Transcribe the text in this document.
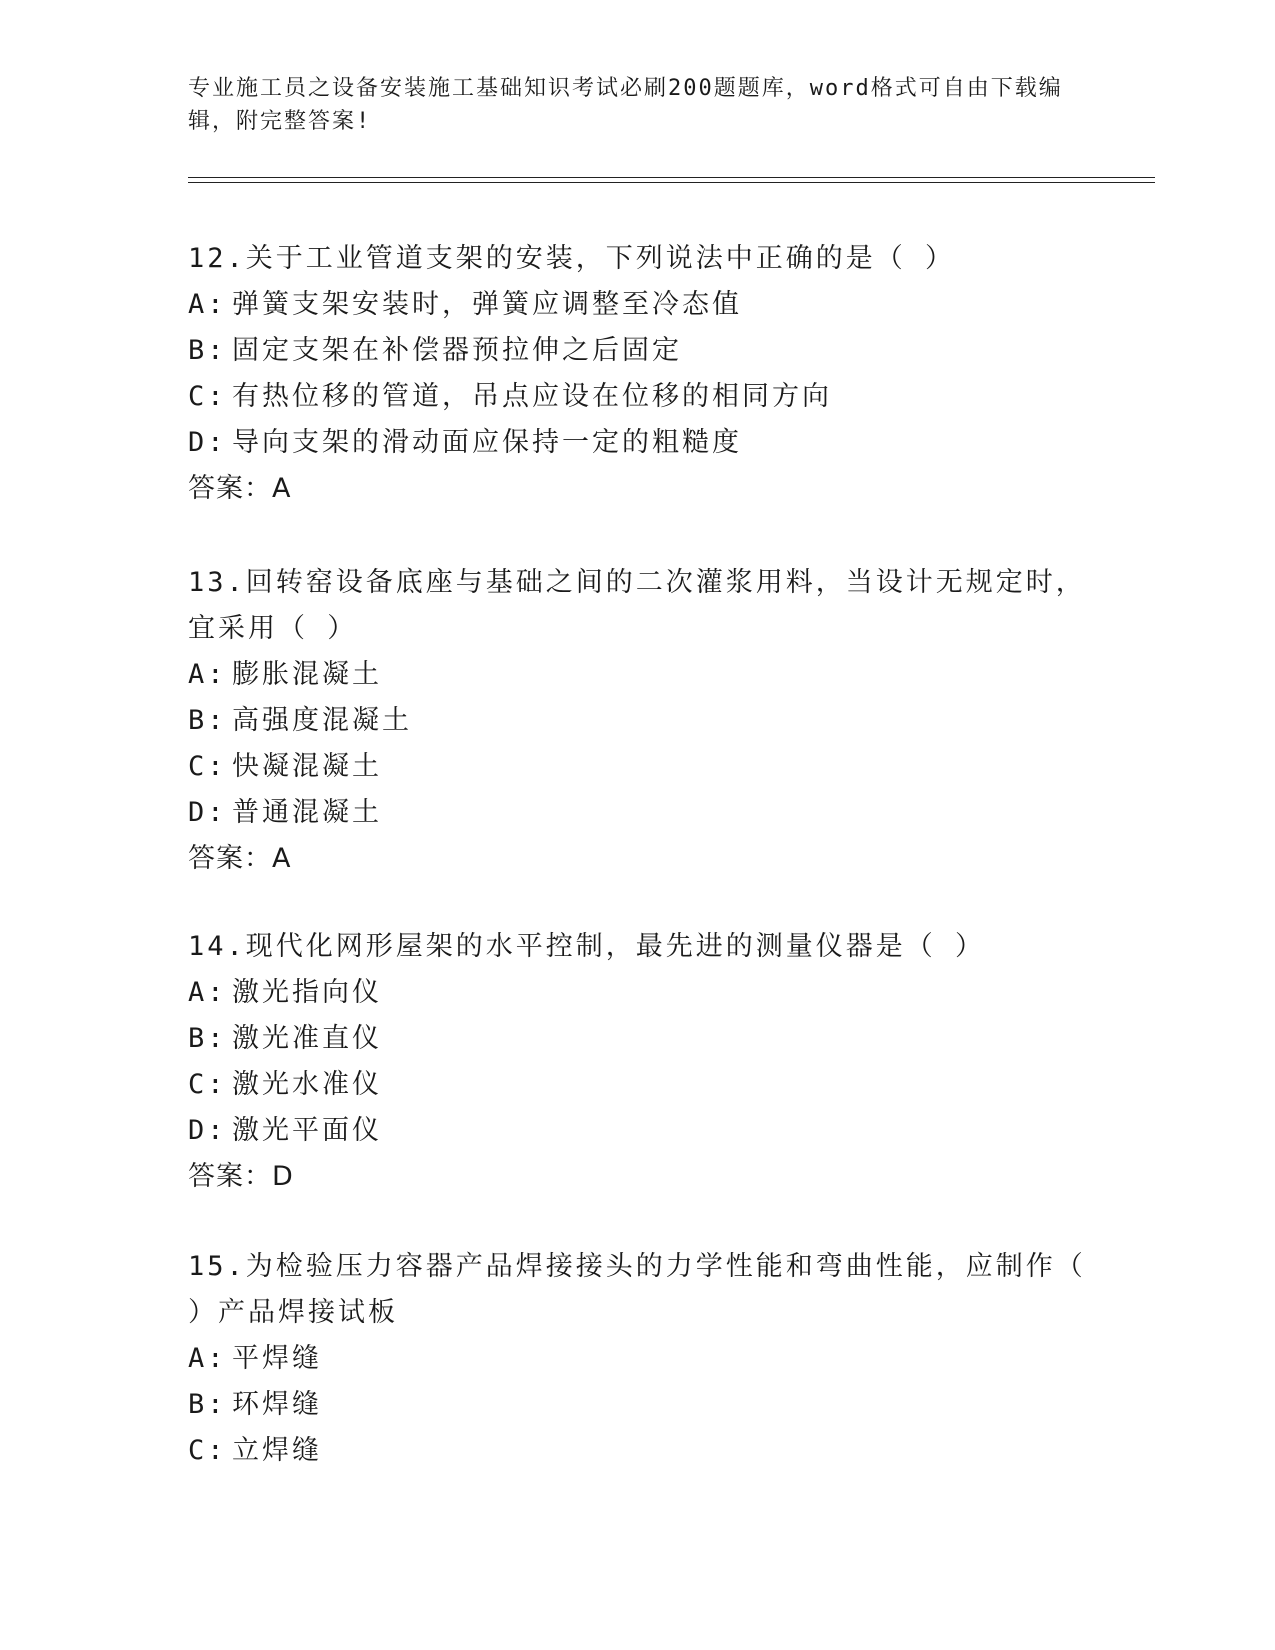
专业施工员之设备安装施工基础知识考试必刷200题题库，word格式可自由下载编辑，附完整答案!
12.关于工业管道支架的安装，下列说法中正确的是（ ）
A: 弹簧支架安装时，弹簧应调整至冷态值
B: 固定支架在补偿器预拉伸之后固定
C: 有热位移的管道，吊点应设在位移的相同方向
D: 导向支架的滑动面应保持一定的粗糙度
答案：A
13.回转窑设备底座与基础之间的二次灌浆用料，当设计无规定时，宜采用（ ）
A: 膨胀混凝土
B: 高强度混凝土
C: 快凝混凝土
D: 普通混凝土
答案：A
14.现代化网形屋架的水平控制，最先进的测量仪器是（ ）
A: 激光指向仪
B: 激光准直仪
C: 激光水准仪
D: 激光平面仪
答案：D
15.为检验压力容器产品焊接接头的力学性能和弯曲性能，应制作（ ）产品焊接试板
A: 平焊缝
B: 环焊缝
C: 立焊缝
